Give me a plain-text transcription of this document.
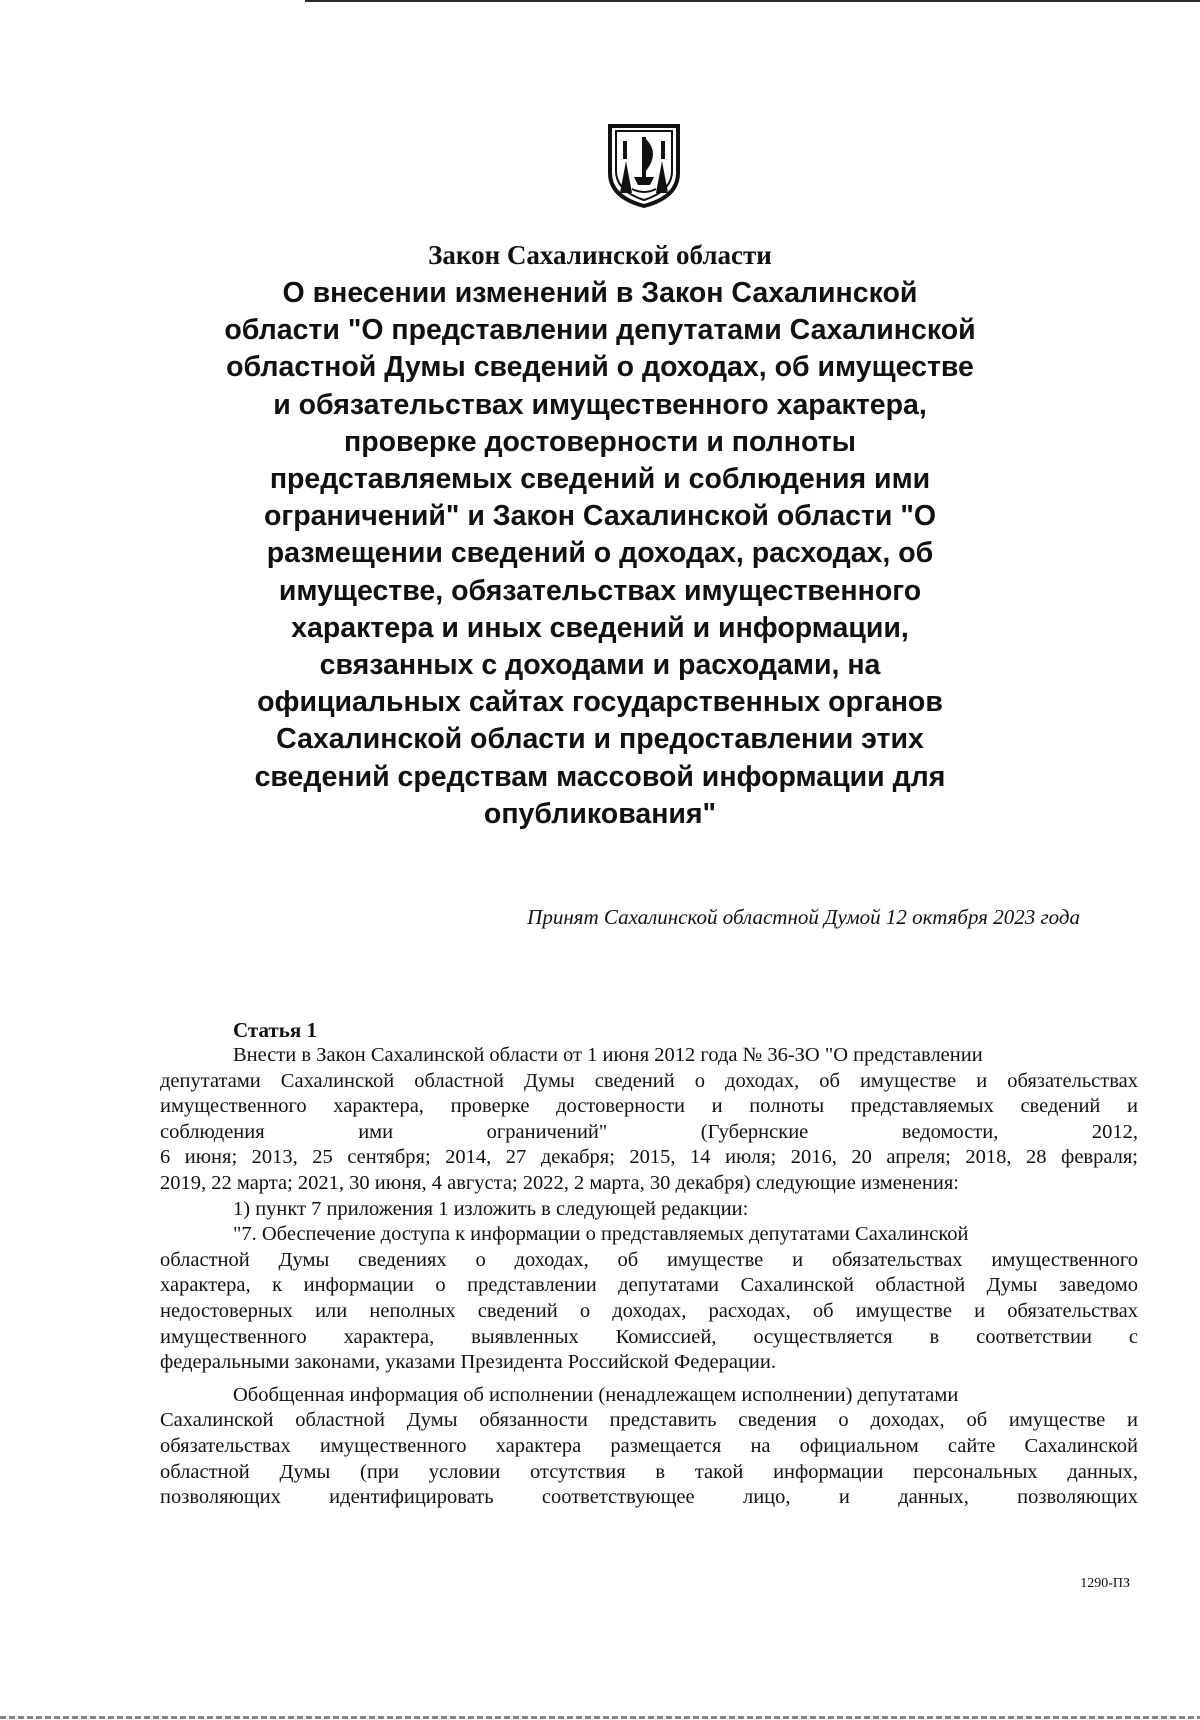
Закон Сахалинской области
О внесении изменений в Закон Сахалинской
области "О представлении депутатами Сахалинской
областной Думы сведений о доходах, об имуществе
и обязательствах имущественного характера,
проверке достоверности и полноты
представляемых сведений и соблюдения ими
ограничений" и Закон Сахалинской области "О
размещении сведений о доходах, расходах, об
имуществе, обязательствах имущественного
характера и иных сведений и информации,
связанных с доходами и расходами, на
официальных сайтах государственных органов
Сахалинской области и предоставлении этих
сведений средствам массовой информации для
опубликования"
Принят Сахалинской областной Думой 12 октября 2023 года
Статья 1
Внести в Закон Сахалинской области от 1 июня 2012 года № 36-ЗО "О представлении
депутатами Сахалинской областной Думы сведений о доходах, об имуществе и обязательствах
имущественного характера, проверке достоверности и полноты представляемых сведений и
соблюдения ими ограничений" (Губернские ведомости, 2012,
6 июня; 2013, 25 сентября; 2014, 27 декабря; 2015, 14 июля; 2016, 20 апреля; 2018, 28 февраля;
2019, 22 марта; 2021, 30 июня, 4 августа; 2022, 2 марта, 30 декабря) следующие изменения:
1) пункт 7 приложения 1 изложить в следующей редакции:
"7. Обеспечение доступа к информации о представляемых депутатами Сахалинской
областной Думы сведениях о доходах, об имуществе и обязательствах имущественного
характера, к информации о представлении депутатами Сахалинской областной Думы заведомо
недостоверных или неполных сведений о доходах, расходах, об имуществе и обязательствах
имущественного характера, выявленных Комиссией, осуществляется в соответствии с
федеральными законами, указами Президента Российской Федерации.
Обобщенная информация об исполнении (ненадлежащем исполнении) депутатами
Сахалинской областной Думы обязанности представить сведения о доходах, об имуществе и
обязательствах имущественного характера размещается на официальном сайте Сахалинской
областной Думы (при условии отсутствия в такой информации персональных данных,
позволяющих идентифицировать соответствующее лицо, и данных, позволяющих
1290-ПЗ
